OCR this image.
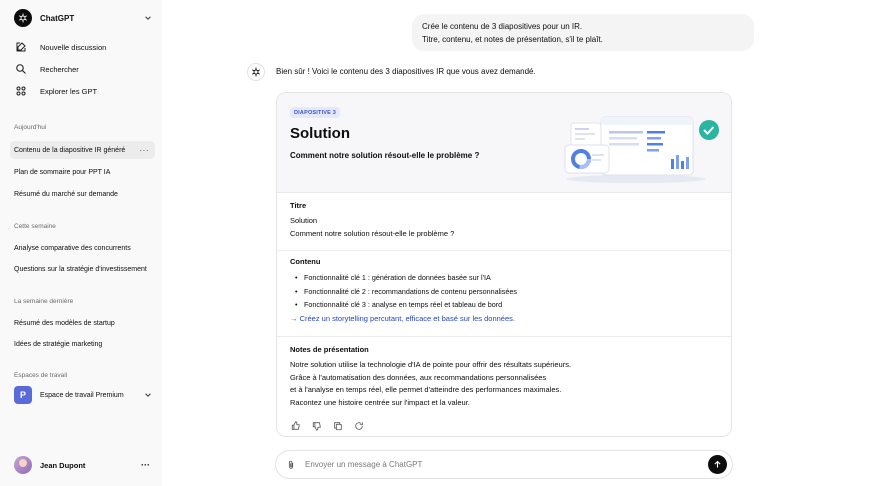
ChatGPT
Nouvelle discussion
Rechercher
Explorer les GPT
Aujourd'hui
Contenu de la diapositive IR généré ···
Plan de sommaire pour PPT IA
Résumé du marché sur demande
Cette semaine
Analyse comparative des concurrents
Questions sur la stratégie d'investissement
La semaine dernière
Résumé des modèles de startup
Idées de stratégie marketing
Espaces de travail
P	Espace de travail Premium
Jean Dupont	···
Crée le contenu de 3 diapositives pour un IR.
Titre, contenu, et notes de présentation, s'il te plaît.
Bien sûr ! Voici le contenu des 3 diapositives IR que vous avez demandé.
DIAPOSITIVE 3
Solution
Comment notre solution résout-elle le problème ?
Titre

Solution

Comment notre solution résout-elle le problème ?

Contenu
• Fonctionnalité clé 1 : génération de données basée sur l'IA
• Fonctionnalité clé 2 : recommandations de contenu personnalisées
• Fonctionnalité clé 3 : analyse en temps réel et tableau de bord
→ Créez un storytelling percutant, efficace et basé sur les données.
Notes de présentation

Notre solution utilise la technologie d'IA de pointe pour offrir des résultats supérieurs.

Grâce à l'automatisation des données, aux recommandations personnalisées

et à l'analyse en temps réel, elle permet d'atteindre des performances maximales.

Racontez une histoire centrée sur l'impact et la valeur.

Envoyer un message à ChatGPT
